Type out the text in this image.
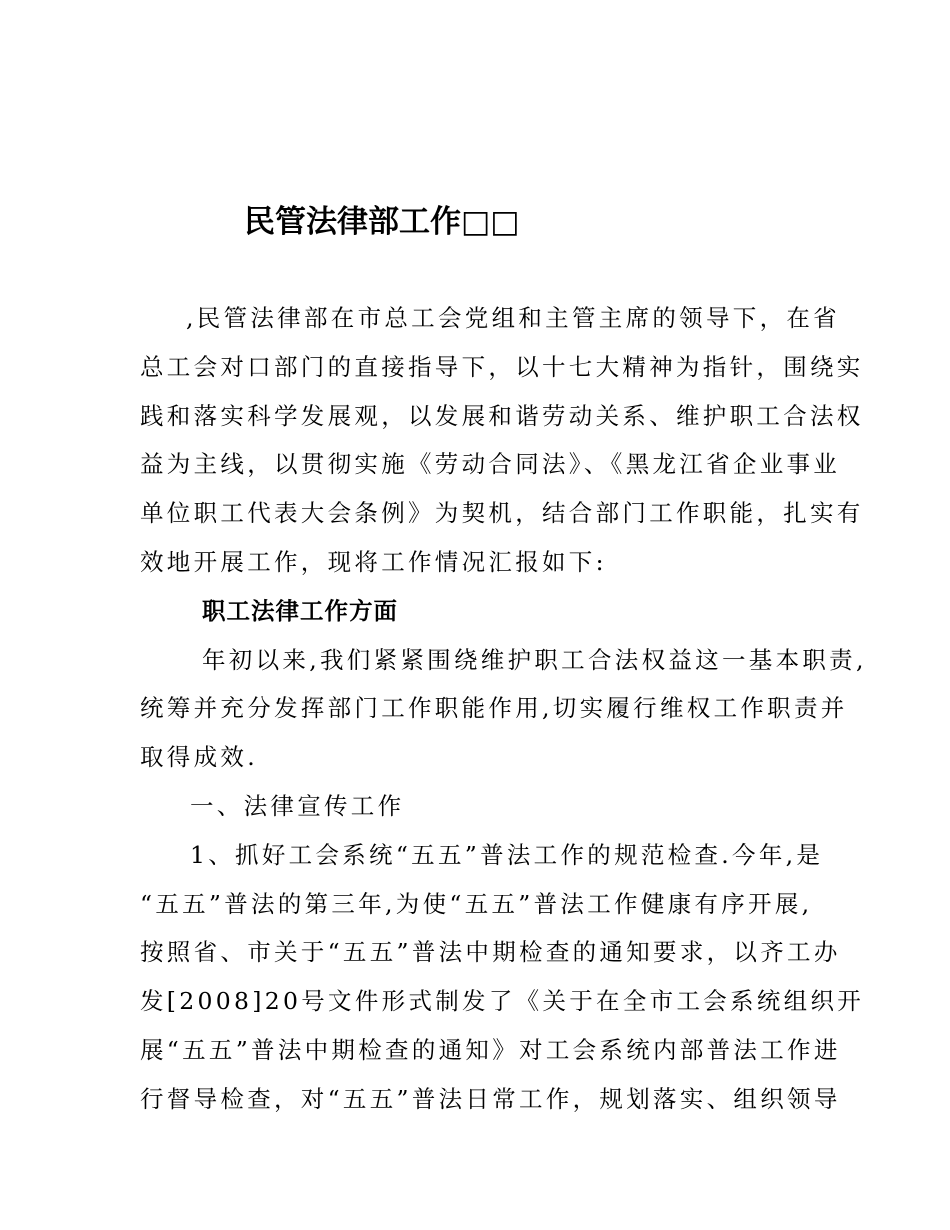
民管法律部工作□□
,民管法律部在市总工会党组和主管主席的领导下，在省
总工会对口部门的直接指导下，以十七大精神为指针，围绕实
践和落实科学发展观，以发展和谐劳动关系、维护职工合法权
益为主线，以贯彻实施《劳动合同法》、《黑龙江省企业事业
单位职工代表大会条例》为契机，结合部门工作职能，扎实有
效地开展工作，现将工作情况汇报如下:
职工法律工作方面
年初以来,我们紧紧围绕维护职工合法权益这一基本职责,
统筹并充分发挥部门工作职能作用,切实履行维权工作职责并
取得成效.
一、法律宣传工作
1、抓好工会系统“五五”普法工作的规范检查.今年,是
“五五”普法的第三年,为使“五五”普法工作健康有序开展,
按照省、市关于“五五”普法中期检查的通知要求，以齐工办
发[2008]20号文件形式制发了《关于在全市工会系统组织开
展“五五”普法中期检查的通知》对工会系统内部普法工作进
行督导检查，对“五五”普法日常工作，规划落实、组织领导
